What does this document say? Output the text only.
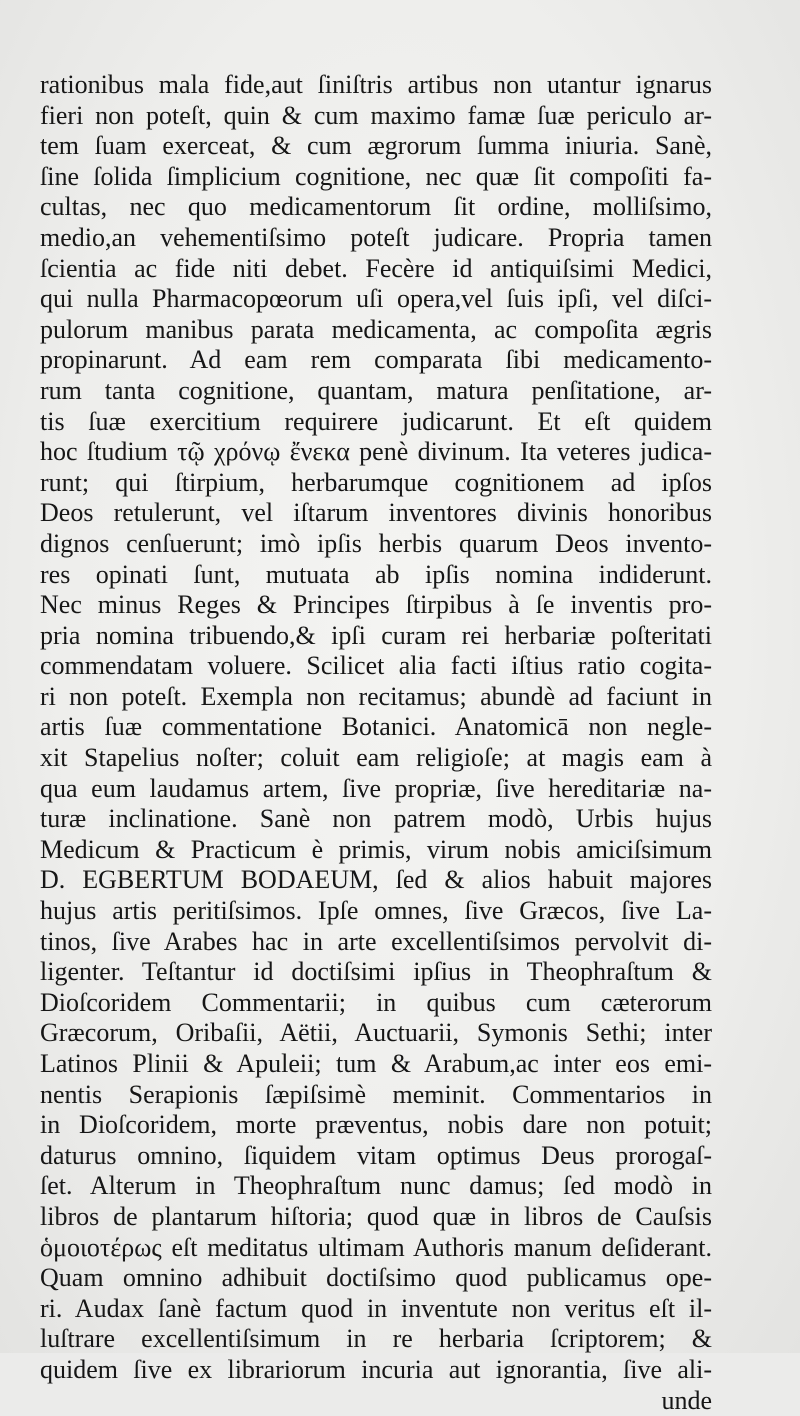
rationibus mala fide,aut ſiniſtris artibus non utantur ignarus
fieri non poteſt, quin & cum maximo famæ ſuæ periculo ar-
tem ſuam exerceat, & cum ægrorum ſumma iniuria. Sanè,
ſine ſolida ſimplicium cognitione, nec quæ ſit compoſiti fa-
cultas, nec quo medicamentorum ſit ordine, molliſsimo,
medio,an vehementiſsimo poteſt judicare. Propria tamen
ſcientia ac fide niti debet. Fecère id antiquiſsimi Medici,
qui nulla Pharmacopœorum uſi opera,vel ſuis ipſi, vel diſci-
pulorum manibus parata medicamenta, ac compoſita ægris
propinarunt. Ad eam rem comparata ſibi medicamento-
rum tanta cognitione, quantam, matura penſitatione, ar-
tis ſuæ exercitium requirere judicarunt. Et eſt quidem
hoc ſtudium τῷ χρόνῳ ἔνεκα penè divinum. Ita veteres judica-
runt; qui ſtirpium, herbarumque cognitionem ad ipſos
Deos retulerunt, vel iſtarum inventores divinis honoribus
dignos cenſuerunt; imò ipſis herbis quarum Deos invento-
res opinati ſunt, mutuata ab ipſis nomina indiderunt.
Nec minus Reges & Principes ſtirpibus à ſe inventis pro-
pria nomina tribuendo,& ipſi curam rei herbariæ poſteritati
commendatam voluere. Scilicet alia facti iſtius ratio cogita-
ri non poteſt. Exempla non recitamus; abundè ad faciunt in
artis ſuæ commentatione Botanici. Anatomicā non negle-
xit Stapelius noſter; coluit eam religioſe; at magis eam à
qua eum laudamus artem, ſive propriæ, ſive hereditariæ na-
turæ inclinatione. Sanè non patrem modò, Urbis hujus
Medicum & Practicum è primis, virum nobis amiciſsimum
D. EGBERTUM BODAEUM, ſed & alios habuit majores
hujus artis peritiſsimos. Ipſe omnes, ſive Græcos, ſive La-
tinos, ſive Arabes hac in arte excellentiſsimos pervolvit di-
ligenter. Teſtantur id doctiſsimi ipſius in Theophraſtum &
Dioſcoridem Commentarii; in quibus cum cæterorum
Græcorum, Oribaſii, Aëtii, Auctuarii, Symonis Sethi; inter
Latinos Plinii & Apuleii; tum & Arabum,ac inter eos emi-
nentis Serapionis ſæpiſsimè meminit. Commentarios in
in Dioſcoridem, morte præventus, nobis dare non potuit;
daturus omnino, ſiquidem vitam optimus Deus prorogaſ-
ſet. Alterum in Theophraſtum nunc damus; ſed modò in
libros de plantarum hiſtoria; quod quæ in libros de Cauſsis
ὁμοιοτέρως eſt meditatus ultimam Authoris manum deſiderant.
Quam omnino adhibuit doctiſsimo quod publicamus ope-
ri. Audax ſanè factum quod in inventute non veritus eſt il-
luſtrare excellentiſsimum in re herbaria ſcriptorem; &
quidem ſive ex librariorum incuria aut ignorantia, ſive ali-
unde
